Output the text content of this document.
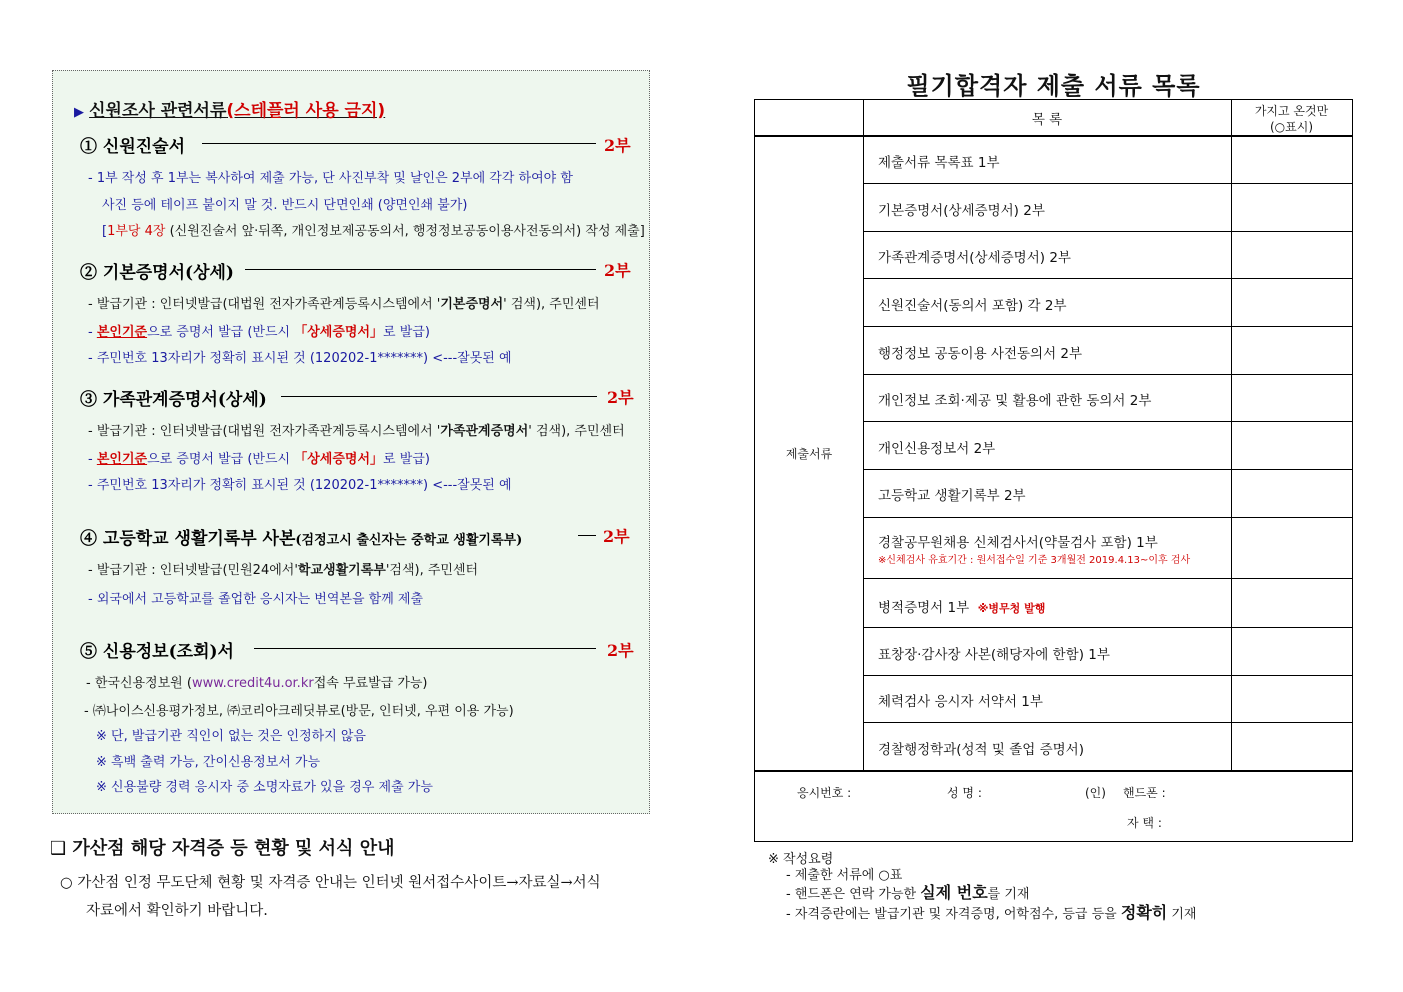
▶ 신원조사 관련서류(스테플러 사용 금지)
① 신원진술서	2부
- 1부 작성 후 1부는 복사하여 제출 가능, 단 사진부착 및 날인은 2부에 각각 하여야 함
사진 등에 테이프 붙이지 말 것. 반드시 단면인쇄 (양면인쇄 불가)
[1부당 4장 (신원진술서 앞·뒤쪽, 개인정보제공동의서, 행정정보공동이용사전동의서) 작성 제출]
② 기본증명서(상세)	2부
- 발급기관 : 인터넷발급(대법원 전자가족관계등록시스템에서 '기본증명서' 검색), 주민센터
- 본인기준으로 증명서 발급 (반드시 「상세증명서」로 발급)
- 주민번호 13자리가 정확히 표시된 것 (120202-1*******) <---잘못된 예
③ 가족관계증명서(상세)	2부
- 발급기관 : 인터넷발급(대법원 전자가족관계등록시스템에서 '가족관계증명서' 검색), 주민센터
- 본인기준으로 증명서 발급 (반드시 「상세증명서」로 발급)
- 주민번호 13자리가 정확히 표시된 것 (120202-1*******) <---잘못된 예
④ 고등학교 생활기록부 사본(검정고시 출신자는 중학교 생활기록부)	2부
- 발급기관 : 인터넷발급(민원24에서'학교생활기록부'검색), 주민센터
- 외국에서 고등학교를 졸업한 응시자는 번역본을 함께 제출
⑤ 신용정보(조회)서	2부
- 한국신용정보원 (www.credit4u.or.kr접속 무료발급 가능)
- ㈜나이스신용평가정보, ㈜코리아크레딧뷰로(방문, 인터넷, 우편 이용 가능)
※ 단, 발급기관 직인이 없는 것은 인정하지 않음
※ 흑백 출력 가능, 간이신용정보서 가능
※ 신용불량 경력 응시자 중 소명자료가 있을 경우 제출 가능
❑ 가산점 해당 자격증 등 현황 및 서식 안내
○ 가산점 인정 무도단체 현황 및 자격증 안내는 인터넷 원서접수사이트→자료실→서식
자료에서 확인하기 바랍니다.
필기합격자 제출 서류 목록
목 록
가지고 온것만
(○표시)
제출서류
제출서류 목록표 1부
기본증명서(상세증명서) 2부
가족관계증명서(상세증명서) 2부
신원진술서(동의서 포함) 각 2부
행정정보 공동이용 사전동의서 2부
개인정보 조회·제공 및 활용에 관한 동의서 2부
개인신용정보서 2부
고등학교 생활기록부 2부
경찰공무원채용 신체검사서(약물검사 포함) 1부
※신체검사 유효기간 : 원서접수일 기준 3개월전 2019.4.13~이후 검사
병적증명서 1부 ※병무청 발행
표창장·감사장 사본(해당자에 한함) 1부
체력검사 응시자 서약서 1부
경찰행정학과(성적 및 졸업 증명서)
응시번호 :	성 명 :	(인) 핸드폰 :
자 택 :
※ 작성요령
- 제출한 서류에 ○표
- 핸드폰은 연락 가능한 실제 번호를 기재
- 자격증란에는 발급기관 및 자격증명, 어학점수, 등급 등을 정확히 기재
